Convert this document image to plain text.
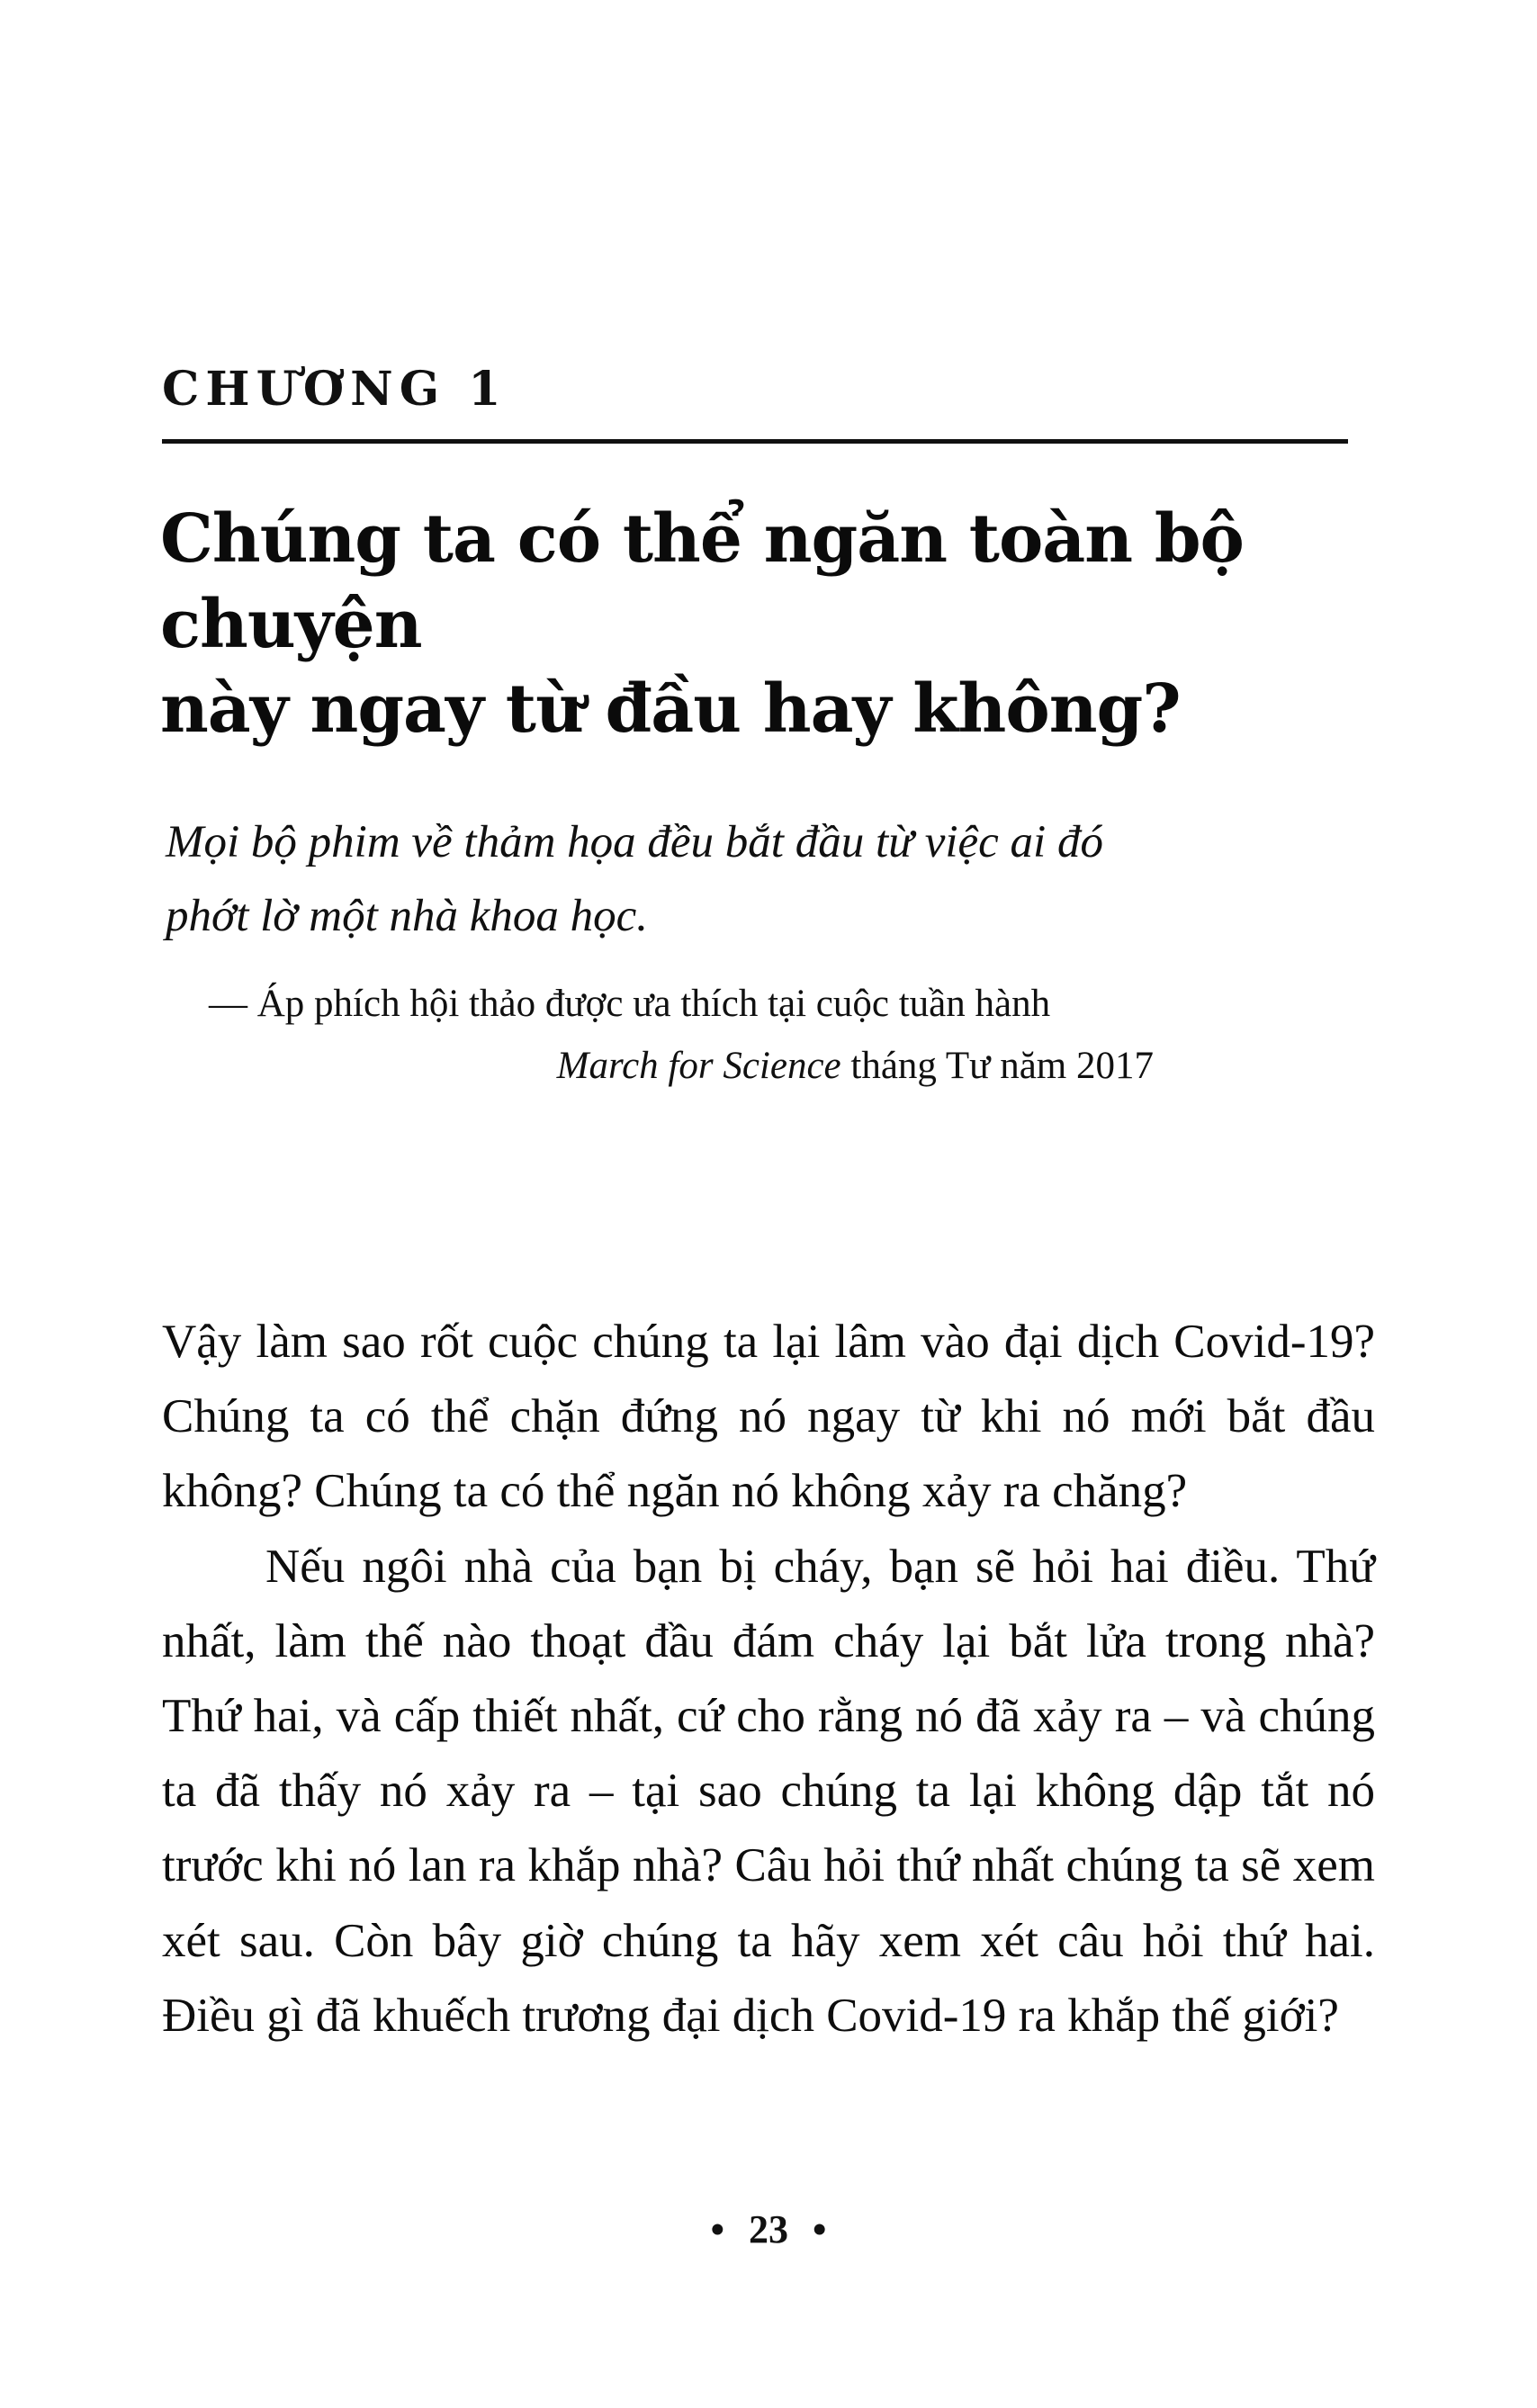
CHƯƠNG 1
Chúng ta có thể ngăn toàn bộ chuyện
này ngay từ đầu hay không?
Mọi bộ phim về thảm họa đều bắt đầu từ việc ai đó
phớt lờ một nhà khoa học.
— Áp phích hội thảo được ưa thích tại cuộc tuần hành
March for Science tháng Tư năm 2017

Vậy làm sao rốt cuộc chúng ta lại lâm vào đại dịch Covid-19? Chúng ta có thể chặn đứng nó ngay từ khi nó mới bắt đầu không? Chúng ta có thể ngăn nó không xảy ra chăng?

Nếu ngôi nhà của bạn bị cháy, bạn sẽ hỏi hai điều. Thứ nhất, làm thế nào thoạt đầu đám cháy lại bắt lửa trong nhà? Thứ hai, và cấp thiết nhất, cứ cho rằng nó đã xảy ra – và chúng ta đã thấy nó xảy ra – tại sao chúng ta lại không dập tắt nó trước khi nó lan ra khắp nhà? Câu hỏi thứ nhất chúng ta sẽ xem xét sau. Còn bây giờ chúng ta hãy xem xét câu hỏi thứ hai. Điều gì đã khuếch trương đại dịch Covid-19 ra khắp thế giới?

• 23 •
